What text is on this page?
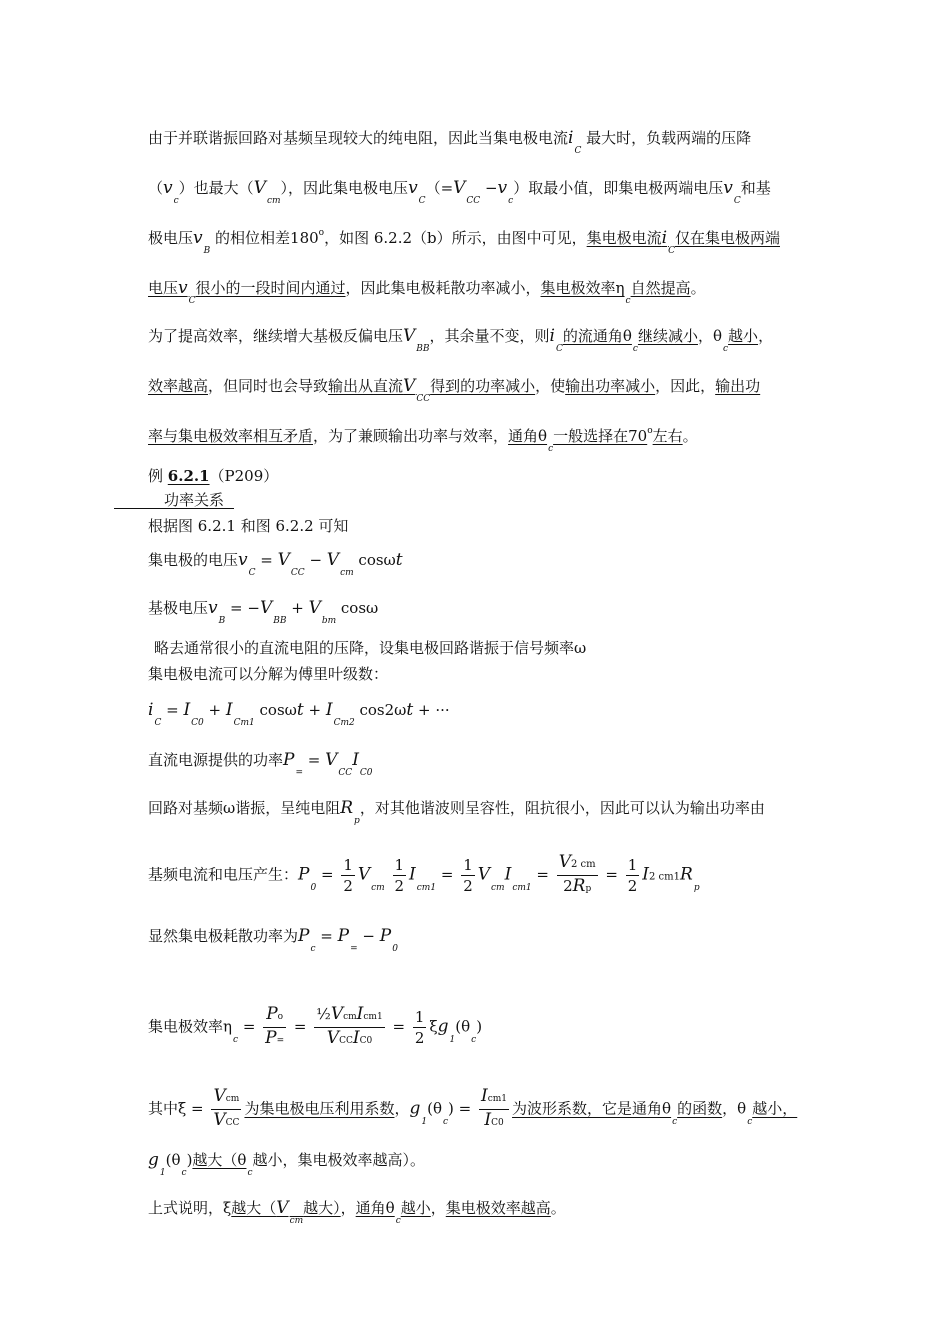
由于并联谐振回路对基频呈现较大的纯电阻，因此当集电极电流$i_C$ 最大时，负载两端的压降
$(v_c)$也最大$(V_{cm})$，因此集电极电压$v_C(=V_{CC} -v_c)$取最小值，即集电极两端电压$v_C$和基
极电压$v_B$ 的相位相差180$^o$，如图 6.2.2（b）所示，由图中可见，集电极电流$i_C$仅在集电极两端
电压$v_C$很小的一段时间内通过，因此集电极耗散功率减小，集电极效率$\eta_c$自然提高。
为了提高效率，继续增大基极反偏电压$V_{BB}$，其余量不变，则$i_C$的流通角$\theta_c$继续减小，$\theta_c$越小，
效率越高，但同时也会导致输出从直流$V_{CC}$得到的功率减小，使输出功率减小，因此，输出功
率与集电极效率相互矛盾，为了兼顾输出功率与效率，通角$\theta_c$一般选择在70$^o$左右。
例 6.2.1（P209）
功率关系
根据图 6.2.1 和图 6.2.2 可知
集电极的电压$v_C = V_{CC} - V_{cm}$ cosωt
基极电压$v_B = -V_{BB} + V_{bm}$ cosω
略去通常很小的直流电阻的压降，设集电极回路谐振于信号频率ω
集电极电流可以分解为傅里叶级数：
$i_C = I_{C0} + I_{Cm1}$ $\cos\omega t + I_{Cm2}$ cos2ωt + ···
直流电源提供的功率$P_= = V_{CC}I_{C0}$
回路对基频ω谐振，呈纯电阻$R_p$，对其他谐波则呈容性，阻抗很小，因此可以认为输出功率由
基频电流和电压产生：$P_0 = \frac{1}{2} V_{cm} \frac{1}{2} I_{cm1} = \frac{1}{2} V_{cm}I_{cm1} = \frac{V2 cm}{2Rp} = \frac{1}{2} I2$ $cm1R_p$
显然集电极耗散功率为$P_c = P_= - P_0$
集电极效率$\eta_c = \frac{Po}{P=} = \frac{\text{½VcmIcm1}}{\text{VCCIC0}} = \frac{1}{2} \xi g_1(\theta_c)$
其中$\xi = \frac{\text{Vcm}}{\text{VCC}}$ 为集电极电压利用系数，$g_1(\theta_c) = \frac{\text{Icm1}}{IC0}$ 为波形系数，它是通角$\theta_c$的函数，$\theta_c$越小，
$g_1(\theta_c)$越大（$\theta_c$越小，集电极效率越高）。
上式说明，ξ越大（$V_{cm}$越大），通角$\theta_c$越小，集电极效率越高。
